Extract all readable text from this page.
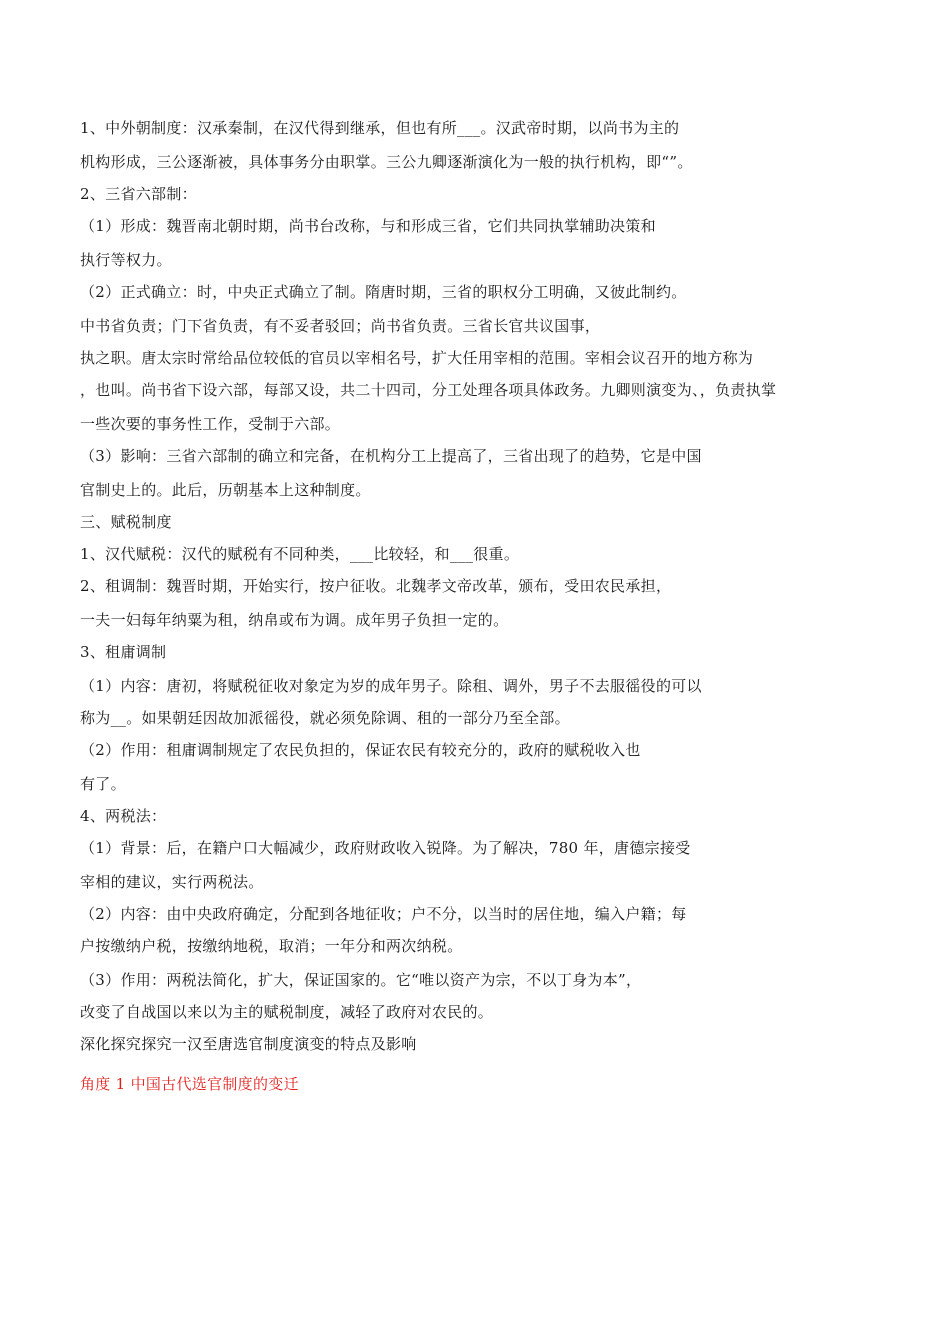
1、中外朝制度：汉承秦制，在汉代得到继承，但也有所___。汉武帝时期，以尚书为主的
机构形成，三公逐渐被，具体事务分由职掌。三公九卿逐渐演化为一般的执行机构，即“”。
2、三省六部制：
（1）形成：魏晋南北朝时期，尚书台改称，与和形成三省，它们共同执掌辅助决策和
执行等权力。
（2）正式确立：时，中央正式确立了制。隋唐时期，三省的职权分工明确，又彼此制约。
中书省负责；门下省负责，有不妥者驳回；尚书省负责。三省长官共议国事，
执之职。唐太宗时常给品位较低的官员以宰相名号，扩大任用宰相的范围。宰相会议召开的地方称为
，也叫。尚书省下设六部，每部又设，共二十四司，分工处理各项具体政务。九卿则演变为、，负责执掌
一些次要的事务性工作，受制于六部。
（3）影响：三省六部制的确立和完备，在机构分工上提高了，三省出现了的趋势，它是中国
官制史上的。此后，历朝基本上这种制度。
三、赋税制度
1、汉代赋税：汉代的赋税有不同种类，___比较轻，和___很重。
2、租调制：魏晋时期，开始实行，按户征收。北魏孝文帝改革，颁布，受田农民承担，
一夫一妇每年纳粟为租，纳帛或布为调。成年男子负担一定的。
3、租庸调制
（1）内容：唐初，将赋税征收对象定为岁的成年男子。除租、调外，男子不去服徭役的可以
称为__。如果朝廷因故加派徭役，就必须免除调、租的一部分乃至全部。
（2）作用：租庸调制规定了农民负担的，保证农民有较充分的，政府的赋税收入也
有了。
4、两税法：
（1）背景：后，在籍户口大幅减少，政府财政收入锐降。为了解决，780 年，唐德宗接受
宰相的建议，实行两税法。
（2）内容：由中央政府确定，分配到各地征收；户不分，以当时的居住地，编入户籍；每
户按缴纳户税，按缴纳地税，取消；一年分和两次纳税。
（3）作用：两税法简化，扩大，保证国家的。它“唯以资产为宗，不以丁身为本”，
改变了自战国以来以为主的赋税制度，减轻了政府对农民的。
深化探究探究一汉至唐选官制度演变的特点及影响
角度 1 中国古代选官制度的变迁
